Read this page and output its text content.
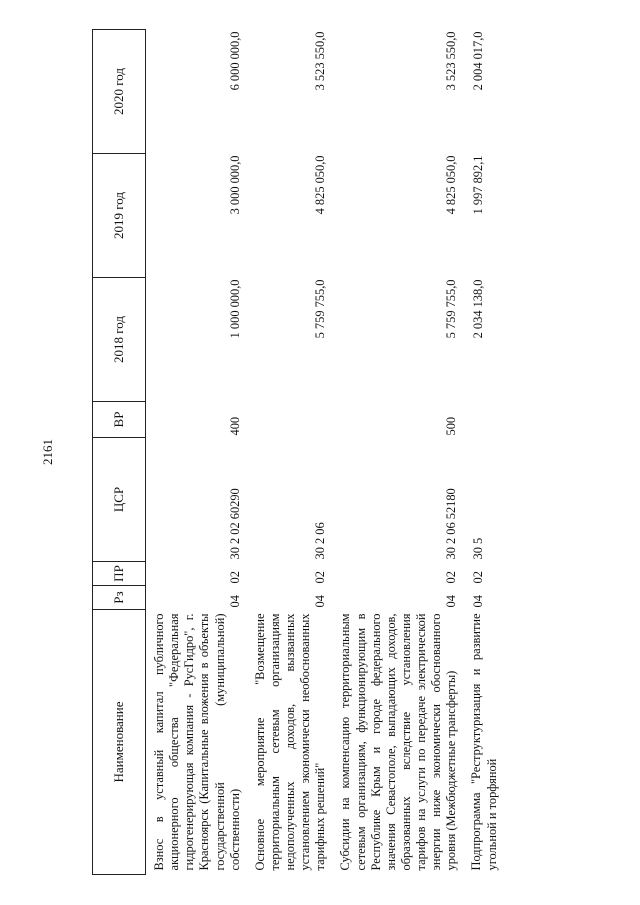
2161
Наименование	Рз	ПР	ЦСР	ВР	2018 год	2019 год	2020 год
Взнос в уставный капитал публичного акционерного общества "Федеральная гидрогенерирующая компания - РусГидро", г. Красноярск (Капитальные вложения в объекты государственной (муниципальной) собственности)	04	02	30 2 02 60290	400	1 000 000,0	3 000 000,0	6 000 000,0
Основное мероприятие "Возмещение территориальным сетевым организациям недополученных доходов, вызванных установлением экономически необоснованных тарифных решений"	04	02	30 2 06		5 759 755,0	4 825 050,0	3 523 550,0
Субсидии на компенсацию территориальным сетевым организациям, функционирующим в Республике Крым и городе федерального значения Севастополе, выпадающих доходов, образованных вследствие установления тарифов на услуги по передаче электрической энергии ниже экономически обоснованного уровня (Межбюджетные трансферты)	04	02	30 2 06 52180	500	5 759 755,0	4 825 050,0	3 523 550,0
Подпрограмма "Реструктуризация и развитие угольной и торфяной	04	02	30 5		2 034 138,0	1 997 892,1	2 004 017,0
